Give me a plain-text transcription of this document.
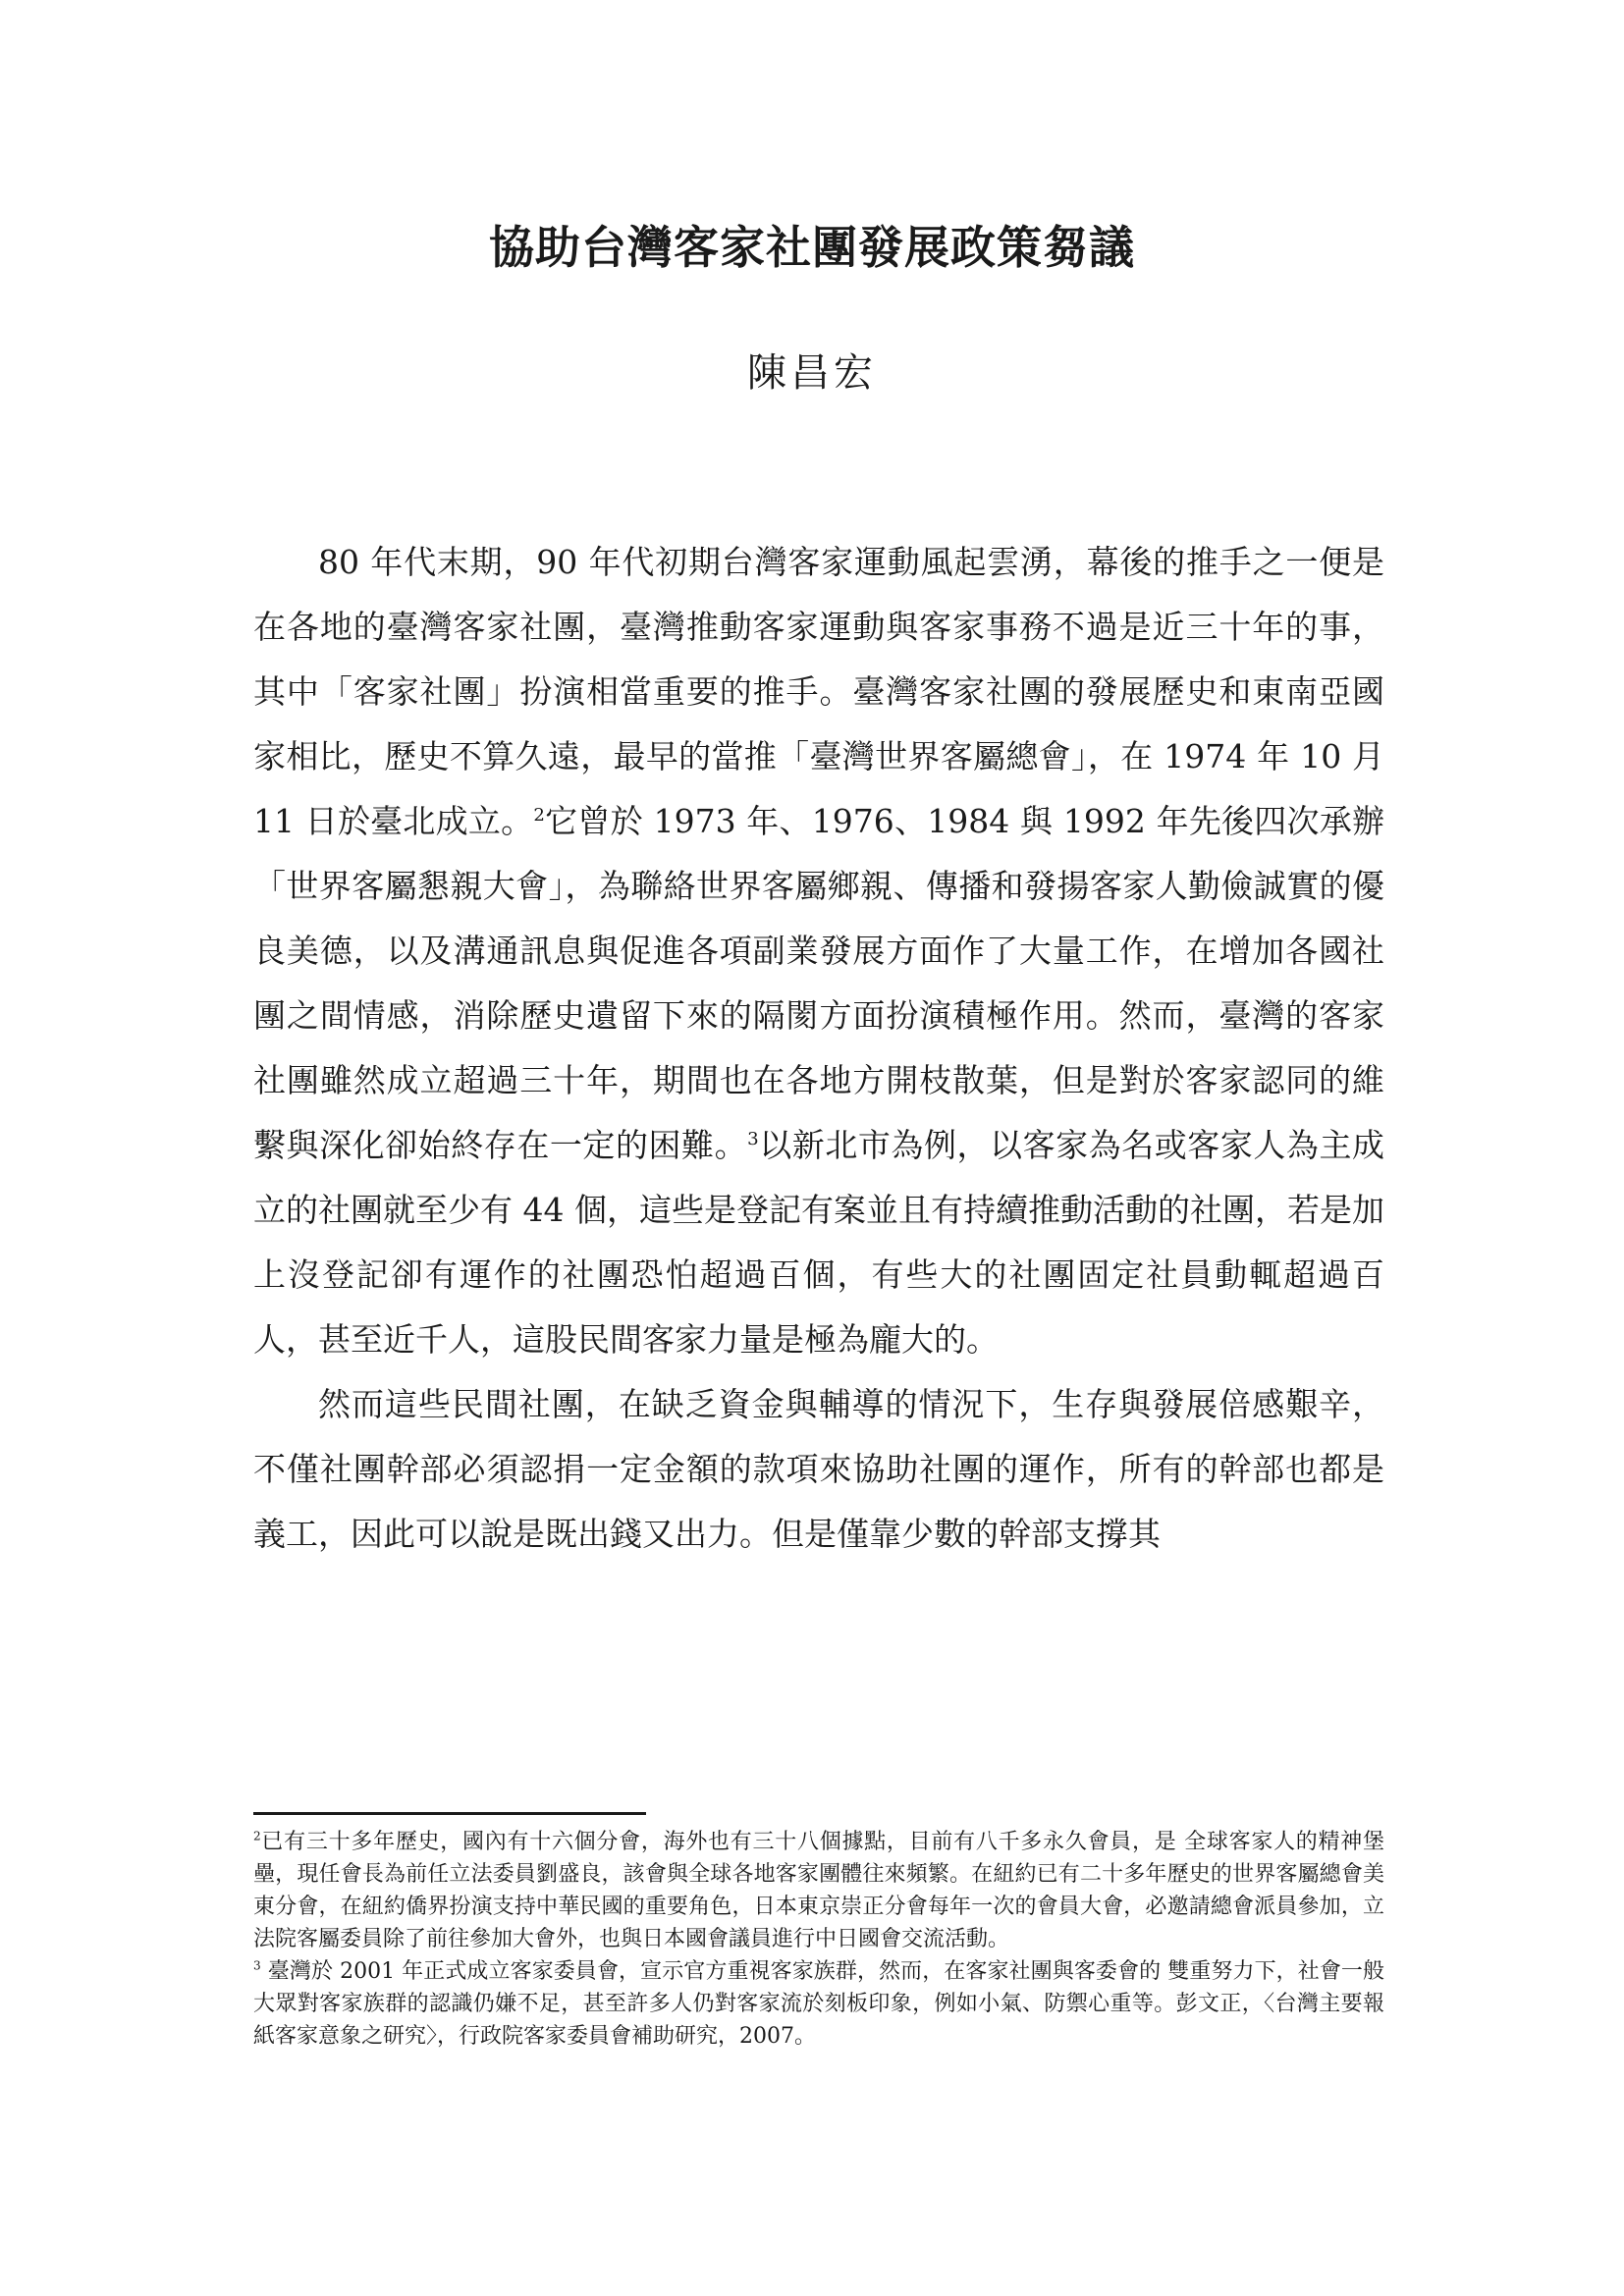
協助台灣客家社團發展政策芻議
陳昌宏

80 年代末期，90 年代初期台灣客家運動風起雲湧，幕後的推手之一便是在各地的臺灣客家社團，臺灣推動客家運動與客家事務不過是近三十年的事，其中「客家社團」扮演相當重要的推手。臺灣客家社團的發展歷史和東南亞國家相比，歷史不算久遠，最早的當推「臺灣世界客屬總會」，在 1974 年 10 月 11 日於臺北成立。$^2$它曾於 1973 年、1976、1984 與 1992 年先後四次承辦「世界客屬懇親大會」，為聯絡世界客屬鄉親、傳播和發揚客家人勤儉誠實的優良美德，以及溝通訊息與促進各項副業發展方面作了大量工作，在增加各國社團之間情感，消除歷史遺留下來的隔閡方面扮演積極作用。然而，臺灣的客家社團雖然成立超過三十年，期間也在各地方開枝散葉，但是對於客家認同的維繫與深化卻始終存在一定的困難。$^3$以新北市為例，以客家為名或客家人為主成立的社團就至少有 44 個，這些是登記有案並且有持續推動活動的社團，若是加上沒登記卻有運作的社團恐怕超過百個，有些大的社團固定社員動輒超過百人，甚至近千人，這股民間客家力量是極為龐大的。

然而這些民間社團，在缺乏資金與輔導的情況下，生存與發展倍感艱辛，不僅社團幹部必須認捐一定金額的款項來協助社團的運作，所有的幹部也都是義工，因此可以說是既出錢又出力。但是僅靠少數的幹部支撐其

$^2$已有三十多年歷史，國內有十六個分會，海外也有三十八個據點，目前有八千多永久會員，是 全球客家人的精神堡壘，現任會長為前任立法委員劉盛良，該會與全球各地客家團體往來頻繁。在紐約已有二十多年歷史的世界客屬總會美東分會，在紐約僑界扮演支持中華民國的重要角色，日本東京崇正分會每年一次的會員大會，必邀請總會派員參加，立法院客屬委員除了前往參加大會外，也與日本國會議員進行中日國會交流活動。

$^3$ 臺灣於 2001 年正式成立客家委員會，宣示官方重視客家族群，然而，在客家社團與客委會的 雙重努力下，社會一般大眾對客家族群的認識仍嫌不足，甚至許多人仍對客家流於刻板印象，例如小氣、防禦心重等。彭文正，〈台灣主要報紙客家意象之研究〉，行政院客家委員會補助研究，2007。
